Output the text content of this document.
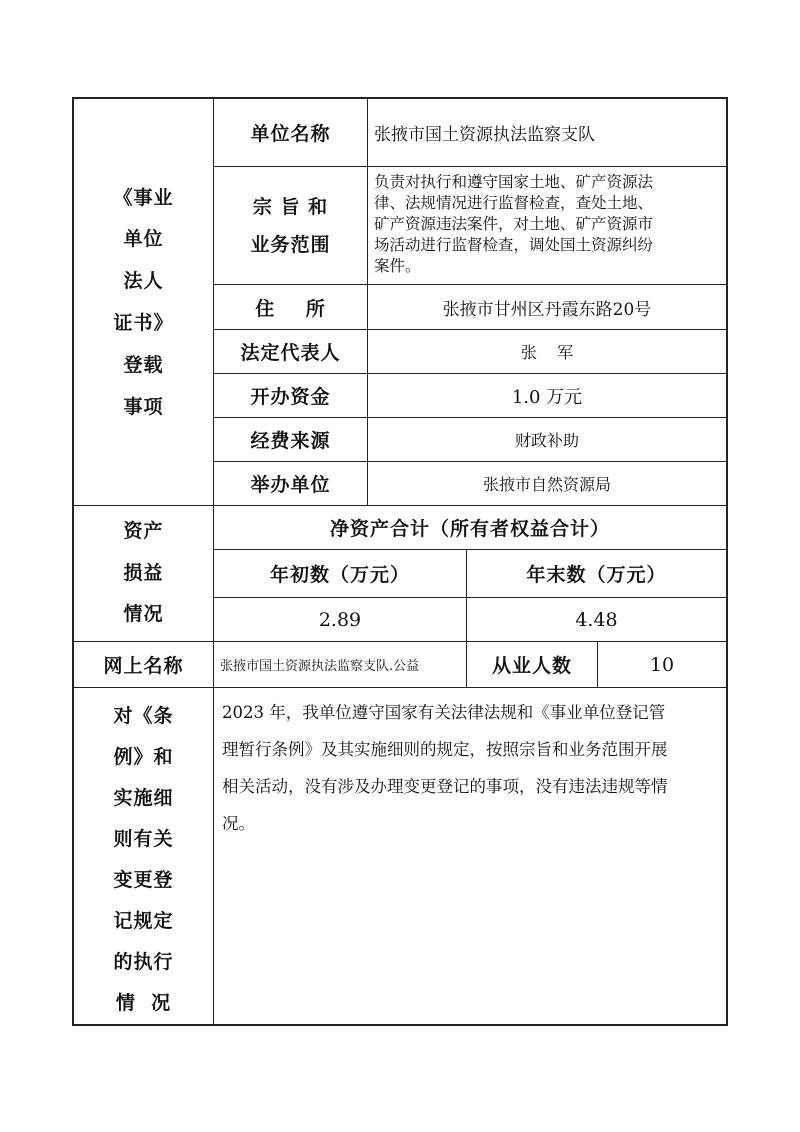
《事业
单位
法人
证书》
登载
事项
单位名称	张掖市国土资源执法监察支队
宗 旨 和
业务范围
负责对执行和遵守国家土地、矿产资源法
律、法规情况进行监督检查，查处土地、
矿产资源违法案件，对土地、矿产资源市
场活动进行监督检查，调处国土资源纠纷
案件。
住    所	张掖市甘州区丹霞东路20号
法定代表人	张    军
开办资金	1.0 万元
经费来源	财政补助
举办单位	张掖市自然资源局
资产
损益
情况
净资产合计（所有者权益合计）
年初数（万元）	年末数（万元）
2.89	4.48
网上名称	张掖市国土资源执法监察支队.公益	从业人数	10
对《条
例》和
实施细
则有关
变更登
记规定
的执行
情  况
2023 年，我单位遵守国家有关法律法规和《事业单位登记管
理暂行条例》及其实施细则的规定，按照宗旨和业务范围开展
相关活动，没有涉及办理变更登记的事项，没有违法违规等情
况。
